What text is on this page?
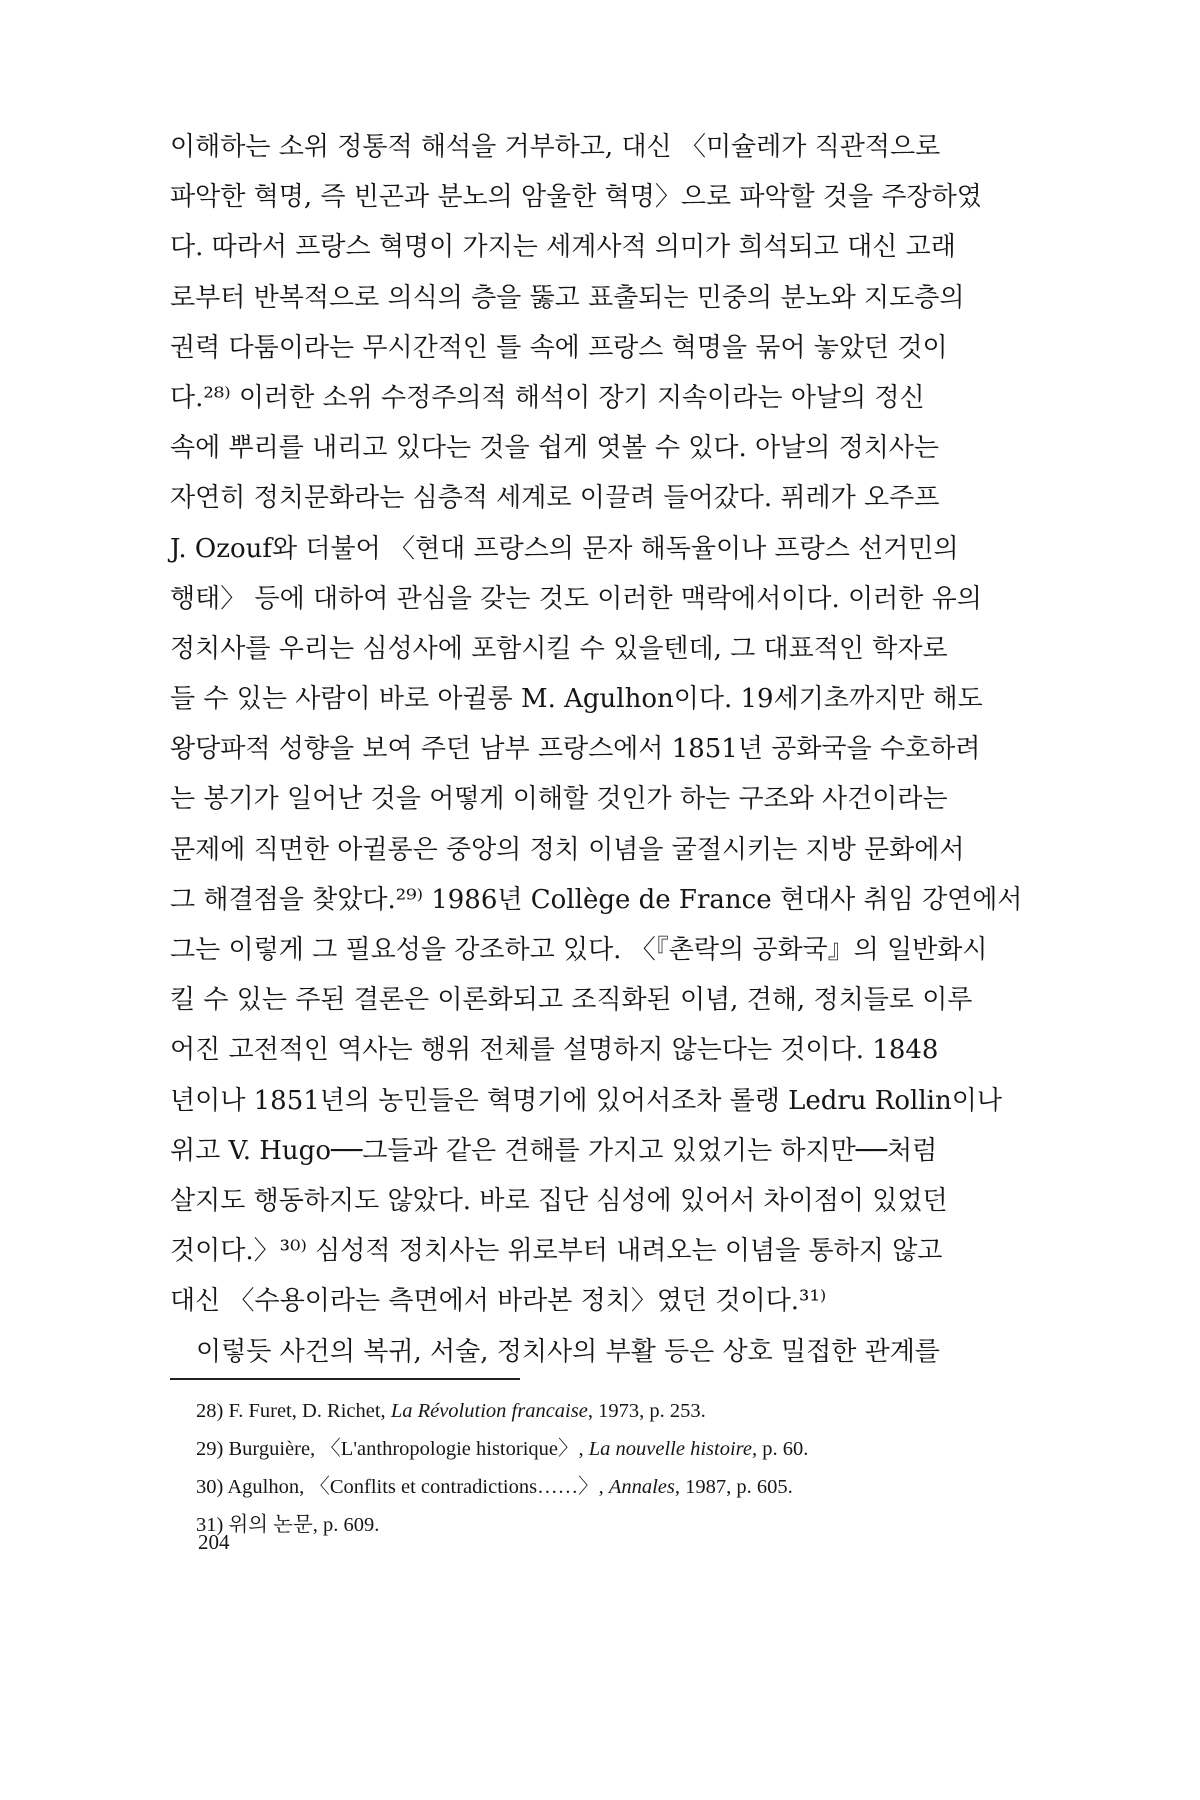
이해하는 소위 정통적 해석을 거부하고, 대신 〈미슐레가 직관적으로
파악한 혁명, 즉 빈곤과 분노의 암울한 혁명〉으로 파악할 것을 주장하였
다. 따라서 프랑스 혁명이 가지는 세계사적 의미가 희석되고 대신 고래
로부터 반복적으로 의식의 층을 뚫고 표출되는 민중의 분노와 지도층의
권력 다툼이라는 무시간적인 틀 속에 프랑스 혁명을 묶어 놓았던 것이
다.²⁸⁾ 이러한 소위 수정주의적 해석이 장기 지속이라는 아날의 정신
속에 뿌리를 내리고 있다는 것을 쉽게 엿볼 수 있다. 아날의 정치사는
자연히 정치문화라는 심층적 세계로 이끌려 들어갔다. 퓌레가 오주프
J. Ozouf와 더불어 〈현대 프랑스의 문자 해독율이나 프랑스 선거민의
행태〉 등에 대하여 관심을 갖는 것도 이러한 맥락에서이다. 이러한 유의
정치사를 우리는 심성사에 포함시킬 수 있을텐데, 그 대표적인 학자로
들 수 있는 사람이 바로 아귈롱 M. Agulhon이다. 19세기초까지만 해도
왕당파적 성향을 보여 주던 남부 프랑스에서 1851년 공화국을 수호하려
는 봉기가 일어난 것을 어떻게 이해할 것인가 하는 구조와 사건이라는
문제에 직면한 아귈롱은 중앙의 정치 이념을 굴절시키는 지방 문화에서
그 해결점을 찾았다.²⁹⁾ 1986년 Collège de France 현대사 취임 강연에서
그는 이렇게 그 필요성을 강조하고 있다. 〈『촌락의 공화국』의 일반화시
킬 수 있는 주된 결론은 이론화되고 조직화된 이념, 견해, 정치들로 이루
어진 고전적인 역사는 행위 전체를 설명하지 않는다는 것이다. 1848
년이나 1851년의 농민들은 혁명기에 있어서조차 롤랭 Ledru Rollin이나
위고 V. Hugo──그들과 같은 견해를 가지고 있었기는 하지만──처럼
살지도 행동하지도 않았다. 바로 집단 심성에 있어서 차이점이 있었던
것이다.〉³⁰⁾ 심성적 정치사는 위로부터 내려오는 이념을 통하지 않고
대신 〈수용이라는 측면에서 바라본 정치〉였던 것이다.³¹⁾
　이렇듯 사건의 복귀, 서술, 정치사의 부활 등은 상호 밀접한 관계를
28) F. Furet, D. Richet, La Révolution francaise, 1973, p. 253.
29) Burguière, 〈L'anthropologie historique〉, La nouvelle histoire, p. 60.
30) Agulhon, 〈Conflits et contradictions……〉, Annales, 1987, p. 605.
31) 위의 논문, p. 609.
204
